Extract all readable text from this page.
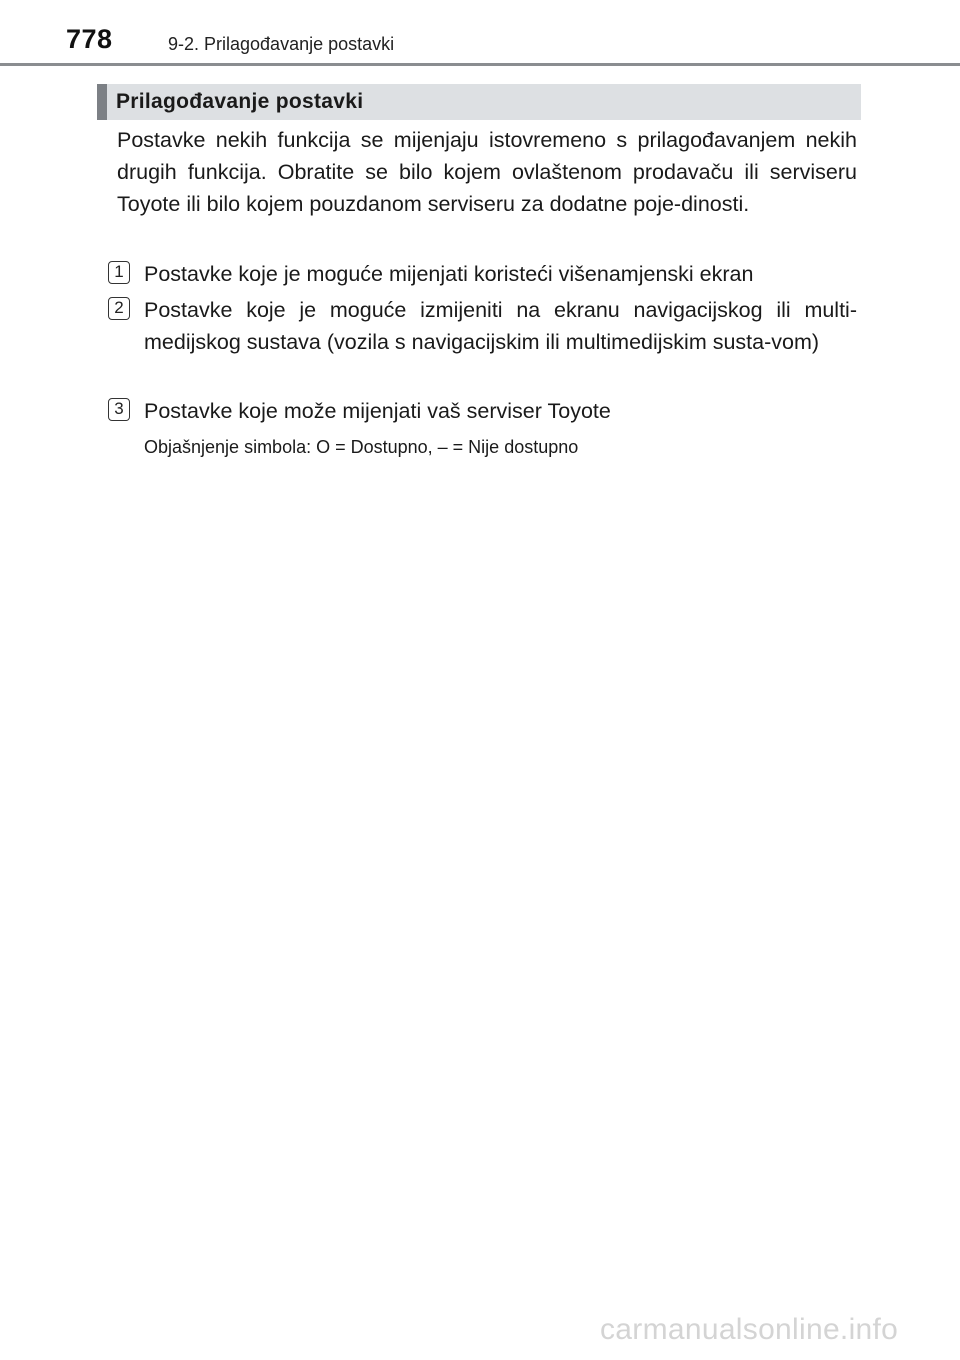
778	9-2. Prilagođavanje postavki
Prilagođavanje postavki
Postavke nekih funkcija se mijenjaju istovremeno s prilagođavanjem nekih drugih funkcija. Obratite se bilo kojem ovlaštenom prodavaču ili serviseru Toyote ili bilo kojem pouzdanom serviseru za dodatne poje-dinosti.
1 Postavke koje je moguće mijenjati koristeći višenamjenski ekran
2 Postavke koje je moguće izmijeniti na ekranu navigacijskog ili multi-medijskog sustava (vozila s navigacijskim ili multimedijskim susta-vom)
3 Postavke koje može mijenjati vaš serviser Toyote
Objašnjenje simbola: O = Dostupno, – = Nije dostupno
carmanualsonline.info
